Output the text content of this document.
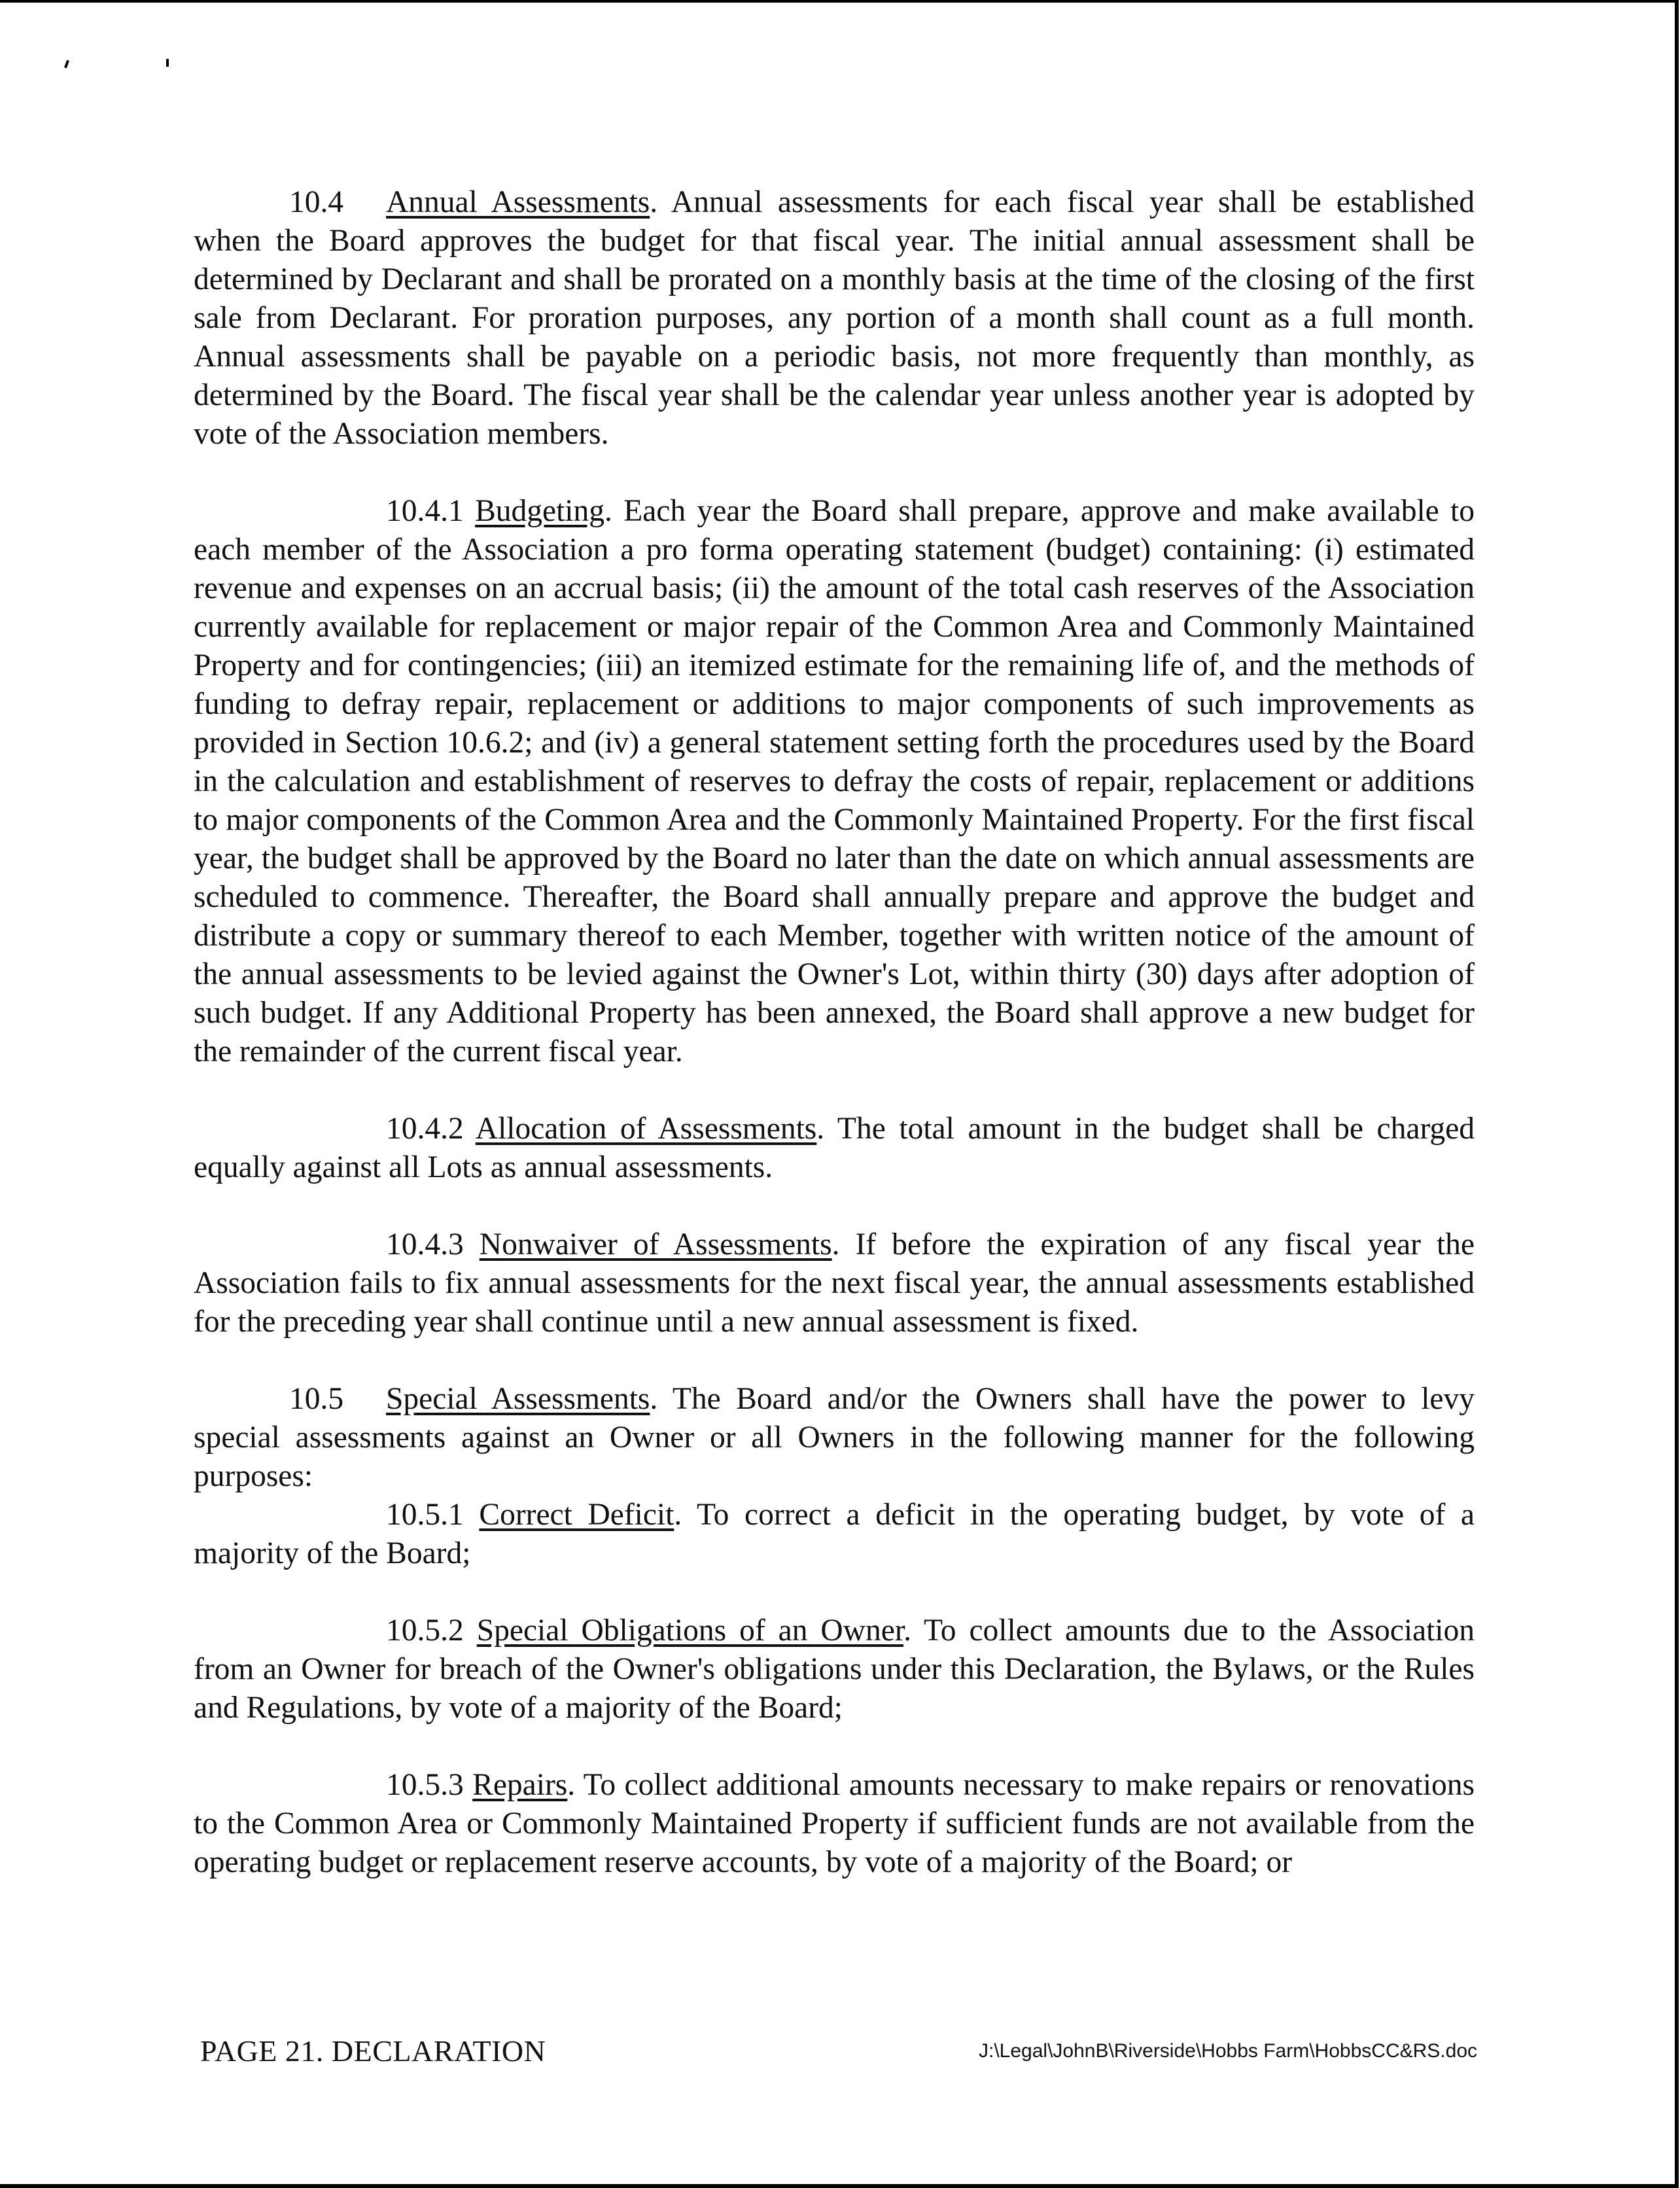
10.4 Annual Assessments. Annual assessments for each fiscal year shall be established when the Board approves the budget for that fiscal year. The initial annual assessment shall be determined by Declarant and shall be prorated on a monthly basis at the time of the closing of the first sale from Declarant. For proration purposes, any portion of a month shall count as a full month. Annual assessments shall be payable on a periodic basis, not more frequently than monthly, as determined by the Board. The fiscal year shall be the calendar year unless another year is adopted by vote of the Association members.

10.4.1 Budgeting. Each year the Board shall prepare, approve and make available to each member of the Association a pro forma operating statement (budget) containing: (i) estimated revenue and expenses on an accrual basis; (ii) the amount of the total cash reserves of the Association currently available for replacement or major repair of the Common Area and Commonly Maintained Property and for contingencies; (iii) an itemized estimate for the remaining life of, and the methods of funding to defray repair, replacement or additions to major components of such improvements as provided in Section 10.6.2; and (iv) a general statement setting forth the procedures used by the Board in the calculation and establishment of reserves to defray the costs of repair, replacement or additions to major components of the Common Area and the Commonly Maintained Property. For the first fiscal year, the budget shall be approved by the Board no later than the date on which annual assessments are scheduled to commence. Thereafter, the Board shall annually prepare and approve the budget and distribute a copy or summary thereof to each Member, together with written notice of the amount of the annual assessments to be levied against the Owner's Lot, within thirty (30) days after adoption of such budget. If any Additional Property has been annexed, the Board shall approve a new budget for the remainder of the current fiscal year.

10.4.2 Allocation of Assessments. The total amount in the budget shall be charged equally against all Lots as annual assessments.

10.4.3 Nonwaiver of Assessments. If before the expiration of any fiscal year the Association fails to fix annual assessments for the next fiscal year, the annual assessments established for the preceding year shall continue until a new annual assessment is fixed.

10.5 Special Assessments. The Board and/or the Owners shall have the power to levy special assessments against an Owner or all Owners in the following manner for the following purposes:

10.5.1 Correct Deficit. To correct a deficit in the operating budget, by vote of a majority of the Board;

10.5.2 Special Obligations of an Owner. To collect amounts due to the Association from an Owner for breach of the Owner's obligations under this Declaration, the Bylaws, or the Rules and Regulations, by vote of a majority of the Board;

10.5.3 Repairs. To collect additional amounts necessary to make repairs or renovations to the Common Area or Commonly Maintained Property if sufficient funds are not available from the operating budget or replacement reserve accounts, by vote of a majority of the Board; or

PAGE 21. DECLARATION	J:\Legal\JohnB\Riverside\Hobbs Farm\HobbsCC&RS.doc
